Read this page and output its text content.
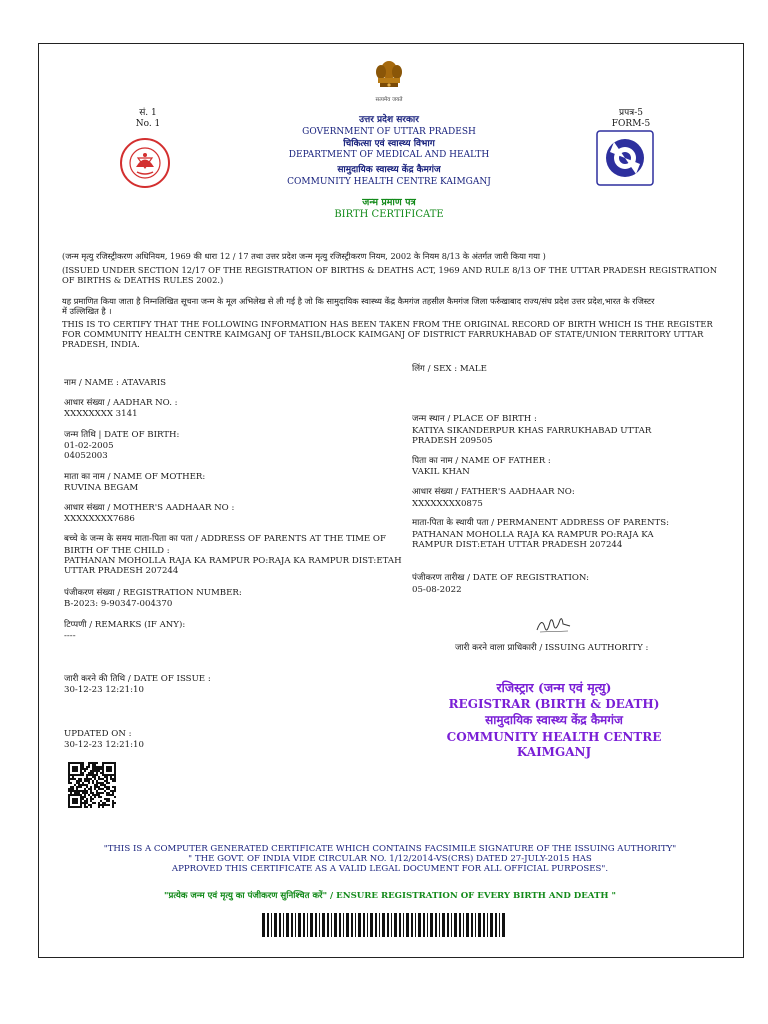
सत्यमेव जयते
सं. 1
No. 1
प्रपत्र-5
FORM-5
उत्तर प्रदेश सरकार
GOVERNMENT OF UTTAR PRADESH
चिकित्सा एवं स्वास्थ्य विभाग
DEPARTMENT OF MEDICAL AND HEALTH
सामुदायिक स्वास्थ्य केंद्र कैमगंज
COMMUNITY HEALTH CENTRE KAIMGANJ
जन्म प्रमाण पत्र
BIRTH CERTIFICATE
(जन्म मृत्यु रजिस्ट्रीकरण अधिनियम, 1969 की धारा 12 / 17 तथा उत्तर प्रदेश जन्म मृत्यु रजिस्ट्रीकरण नियम, 2002 के नियम 8/13 के अंतर्गत जारी किया गया )
(ISSUED UNDER SECTION 12/17 OF THE REGISTRATION OF BIRTHS & DEATHS ACT, 1969 AND RULE 8/13 OF THE UTTAR PRADESH REGISTRATION
OF BIRTHS & DEATHS RULES 2002.)
यह प्रमाणित किया जाता है निम्नलिखित सूचना जन्म के मूल अभिलेख से ली गई है जो कि सामुदायिक स्वास्थ्य केंद्र कैमगंज तहसील कैमगंज जिला फर्रुखाबाद राज्य/संघ प्रदेश उत्तर प्रदेश,भारत के रजिस्टर
में उल्लिखित है ।
THIS IS TO CERTIFY THAT THE FOLLOWING INFORMATION HAS BEEN TAKEN FROM THE ORIGINAL RECORD OF BIRTH WHICH IS THE REGISTER
FOR COMMUNITY HEALTH CENTRE KAIMGANJ OF TAHSIL/BLOCK KAIMGANJ OF DISTRICT FARRUKHABAD OF STATE/UNION TERRITORY UTTAR
PRADESH, INDIA.
नाम / NAME : ATAVARIS
आधार संख्या / AADHAR NO. :
XXXXXXXX 3141
जन्म तिथि | DATE OF BIRTH:
01-02-2005
04052003
माता का नाम / NAME OF MOTHER:
RUVINA BEGAM
आधार संख्या / MOTHER'S AADHAAR NO :
XXXXXXXX7686
बच्चे के जन्म के समय माता-पिता का पता / ADDRESS OF PARENTS AT THE TIME OF
BIRTH OF THE CHILD :
PATHANAN MOHOLLA RAJA KA RAMPUR PO:RAJA KA RAMPUR DIST:ETAH
UTTAR PRADESH 207244
पंजीकरण संख्या / REGISTRATION NUMBER:
B-2023: 9-90347-004370
टिप्पणी / REMARKS (IF ANY):
----
जारी करने की तिथि / DATE OF ISSUE :
30-12-23 12:21:10
UPDATED ON :
30-12-23 12:21:10
लिंग / SEX : MALE
जन्म स्थान / PLACE OF BIRTH :
KATIYA SIKANDERPUR KHAS FARRUKHABAD UTTAR
PRADESH 209505
पिता का नाम / NAME OF FATHER :
VAKIL KHAN
आधार संख्या / FATHER'S AADHAAR NO:
XXXXXXXX0875
माता-पिता के स्थायी पता / PERMANENT ADDRESS OF PARENTS:
PATHANAN MOHOLLA RAJA KA RAMPUR PO:RAJA KA
RAMPUR DIST:ETAH UTTAR PRADESH 207244
पंजीकरण तारीख / DATE OF REGISTRATION:
05-08-2022
जारी करने वाला प्राधिकारी / ISSUING AUTHORITY :
रजिस्ट्रार (जन्म एवं मृत्यु)
REGISTRAR (BIRTH & DEATH)
सामुदायिक स्वास्थ्य केंद्र कैमगंज
COMMUNITY HEALTH CENTRE
KAIMGANJ
"THIS IS A COMPUTER GENERATED CERTIFICATE WHICH CONTAINS FACSIMILE SIGNATURE OF THE ISSUING AUTHORITY"
" THE GOVT. OF INDIA VIDE CIRCULAR NO. 1/12/2014-VS(CRS) DATED 27-JULY-2015 HAS
APPROVED THIS CERTIFICATE AS A VALID LEGAL DOCUMENT FOR ALL OFFICIAL PURPOSES".
"प्रत्येक जन्म एवं मृत्यु का पंजीकरण सुनिश्चित करें" / ENSURE REGISTRATION OF EVERY BIRTH AND DEATH "
